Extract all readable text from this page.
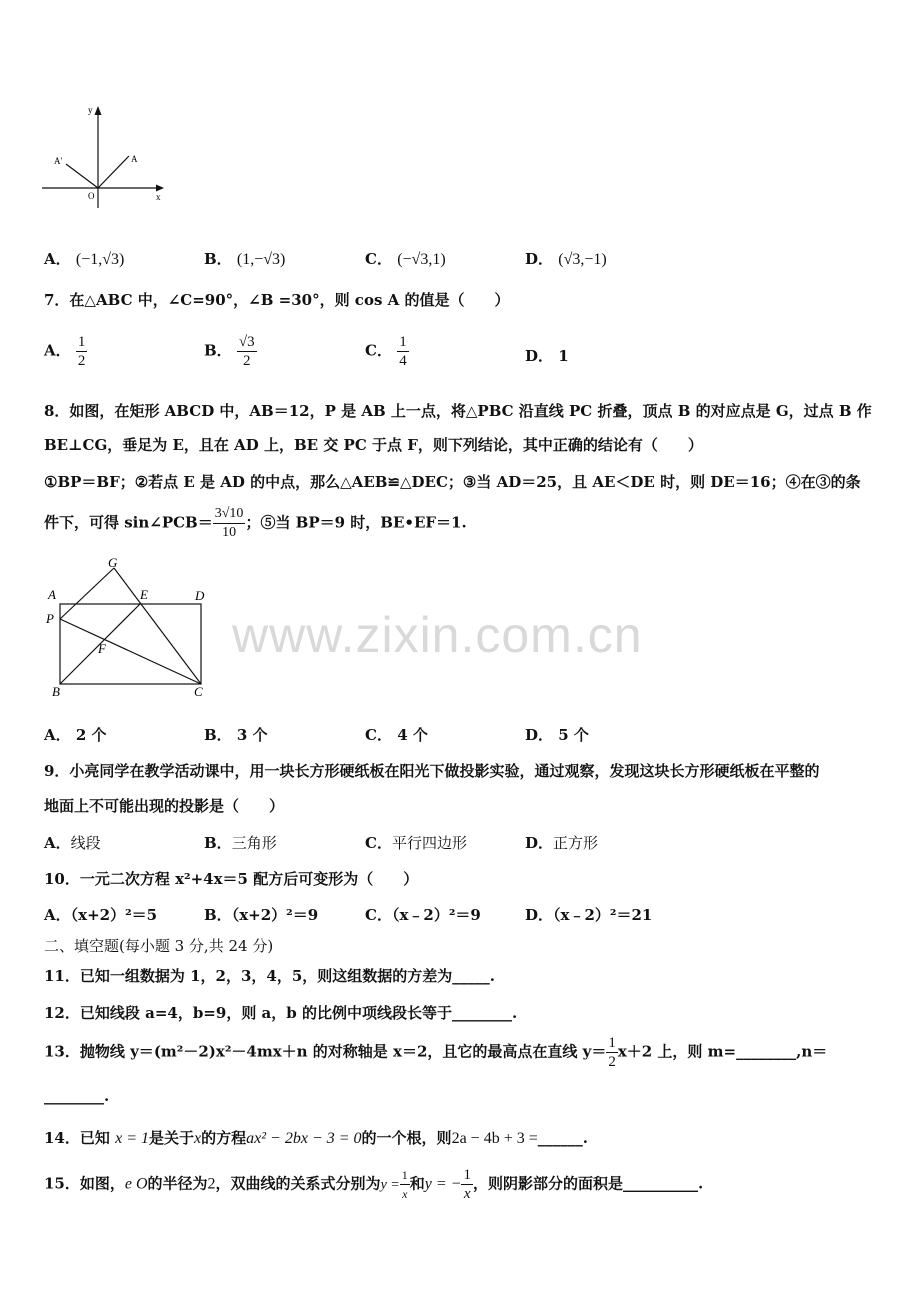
y
x
O
A
A'
A． (−1,√3)	B． (1,−√3)	C． (−√3,1)	D． (√3,−1)
7．在△ABC 中，∠C=90°，∠B =30°，则 cos A 的值是（　　）
A． $\frac{1}{2}$	B． $\frac{√3}{2}$	C． $\frac{1}{4}$	D． 1
8．如图，在矩形 ABCD 中，AB＝12，P 是 AB 上一点，将△PBC 沿直线 PC 折叠，顶点 B 的对应点是 G，过点 B 作
BE⊥CG，垂足为 E，且在 AD 上，BE 交 PC 于点 F，则下列结论，其中正确的结论有（　　）
①BP＝BF；②若点 E 是 AD 的中点，那么△AEB≌△DEC；③当 AD＝25，且 AE＜DE 时，则 DE＝16；④在③的条
件下，可得 sin∠PCB＝ $\frac{3√10}{10}$ ；⑤当 BP＝9 时，BE•EF＝1.
G
A	E	D
P
F
B	C
www.zixin.com.cn
A． 2 个	B． 3 个	C． 4 个	D． 5 个
9．小亮同学在教学活动课中，用一块长方形硬纸板在阳光下做投影实验，通过观察，发现这块长方形硬纸板在平整的
地面上不可能出现的投影是（　　）
A．线段	B．三角形	C．平行四边形	D．正方形
10．一元二次方程 x²+4x＝5 配方后可变形为（　　）
A．（x+2）²＝5	B．（x+2）²＝9	C．（x﹣2）²＝9	D．（x﹣2）²＝21
二、填空题(每小题 3 分,共 24 分)
11．已知一组数据为 1，2，3，4，5，则这组数据的方差为_____.
12．已知线段 a=4，b=9，则 a，b 的比例中项线段长等于________.
13．抛物线 y＝(m²－2)x²－4mx＋n 的对称轴是 x＝2，且它的最高点在直线 $y= \frac{1}{2} x+2$ 上，则 m=________,n＝
________.
14．已知 x = 1是关于x的方程ax² − 2bx − 3 = 0的一个根，则2a − 4b + 3 =______.
15．如图，e O的半径为2，双曲线的关系式分别为$y = \frac{1}{x}$ 和y = − $\frac{1}{x}$ ，则阴影部分的面积是__________.
